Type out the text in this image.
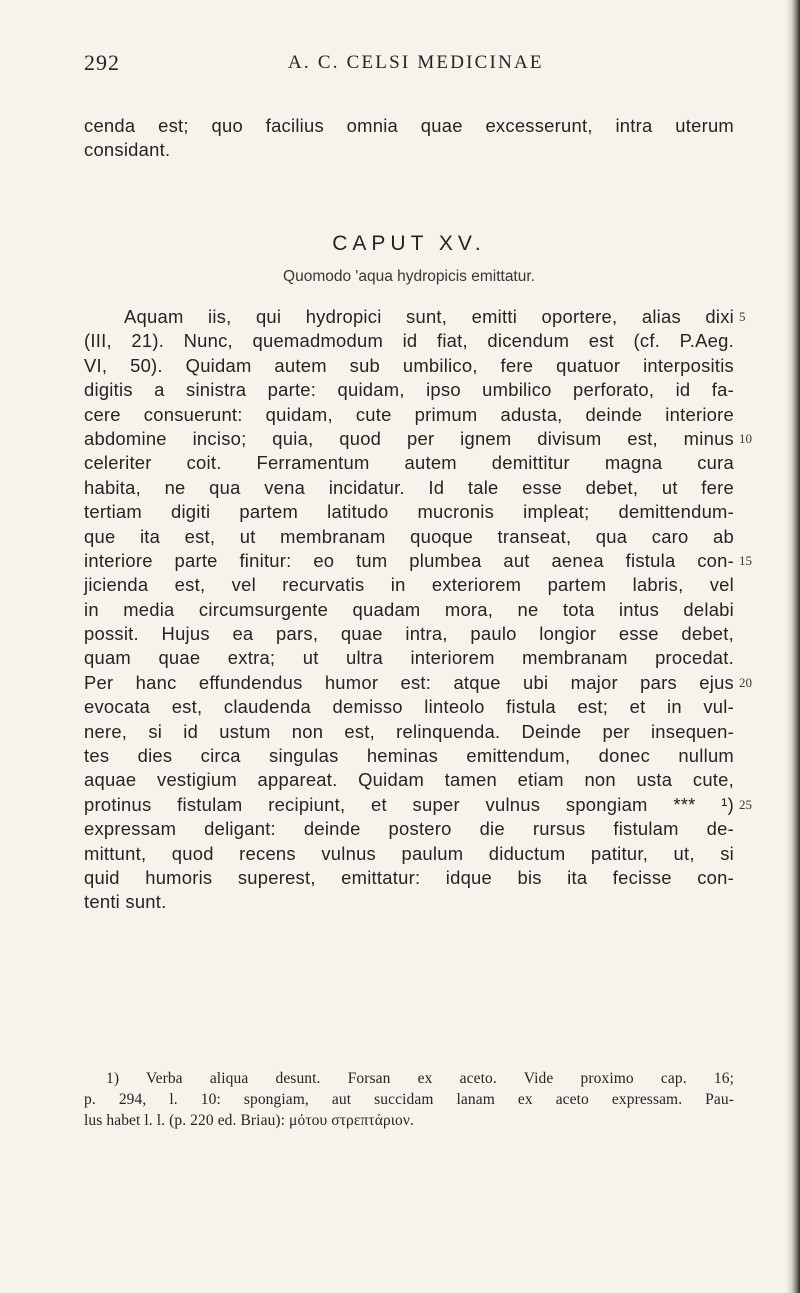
292	A. C. CELSI MEDICINAE
cenda est; quo facilius omnia quae excesserunt, intra uterum
considant.
CAPUT XV.
Quomodo 'aqua hydropicis emittatur.
Aquam iis, qui hydropici sunt, emitti oportere, alias dixi 5
(III, 21). Nunc, quemadmodum id fiat, dicendum est (cf. P.Aeg.
VI, 50). Quidam autem sub umbilico, fere quatuor interpositis
digitis a sinistra parte: quidam, ipso umbilico perforato, id fa-
cere consuerunt: quidam, cute primum adusta, deinde interiore
abdomine inciso; quia, quod per ignem divisum est, minus 10
celeriter coit. Ferramentum autem demittitur magna cura
habita, ne qua vena incidatur. Id tale esse debet, ut fere
tertiam digiti partem latitudo mucronis impleat; demittendum-
que ita est, ut membranam quoque transeat, qua caro ab
interiore parte finitur: eo tum plumbea aut aenea fistula con- 15
jicienda est, vel recurvatis in exteriorem partem labris, vel
in media circumsurgente quadam mora, ne tota intus delabi
possit. Hujus ea pars, quae intra, paulo longior esse debet,
quam quae extra; ut ultra interiorem membranam procedat.
Per hanc effundendus humor est: atque ubi major pars ejus 20
evocata est, claudenda demisso linteolo fistula est; et in vul-
nere, si id ustum non est, relinquenda. Deinde per insequen-
tes dies circa singulas heminas emittendum, donec nullum
aquae vestigium appareat. Quidam tamen etiam non usta cute,
protinus fistulam recipiunt, et super vulnus spongiam *** ¹) 25
expressam deligant: deinde postero die rursus fistulam de-
mittunt, quod recens vulnus paulum diductum patitur, ut, si
quid humoris superest, emittatur: idque bis ita fecisse con-
tenti sunt.
1) Verba aliqua desunt. Forsan ex aceto. Vide proximo cap. 16;
p. 294, l. 10: spongiam, aut succidam lanam ex aceto expressam. Pau-
lus habet l. l. (p. 220 ed. Briau): μότου στρεπτάριον.
